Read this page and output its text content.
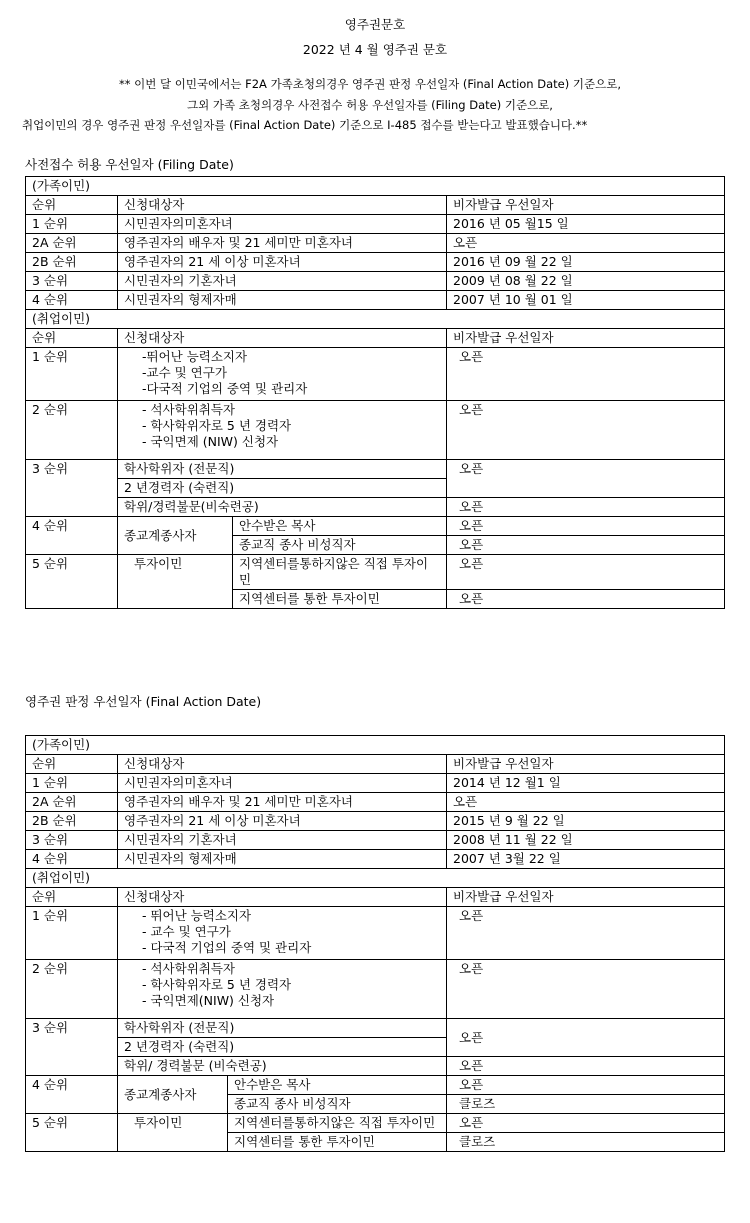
영주권문호
2022 년 4 월 영주권 문호
** 이번 달 이민국에서는 F2A 가족초청의경우 영주권 판정 우선일자 (Final Action Date) 기준으로,
그외 가족 초청의경우 사전접수 허용 우선일자를 (Filing Date) 기준으로,
취업이민의 경우 영주권 판정 우선일자를 (Final Action Date) 기준으로 I-485 접수를 받는다고 발표했습니다.**
사전접수 허용 우선일자 (Filing Date)
(가족이민)			
순위	신청대상자		비자발급 우선일자
1 순위	시민권자의미혼자녀		2016 년 05 월15 일
2A 순위	영주권자의 배우자 및 21 세미만 미혼자녀		오픈
2B 순위	영주권자의 21 세 이상 미혼자녀		2016 년 09 월 22 일
3 순위	시민권자의 기혼자녀		2009 년 08 월 22 일
4 순위	시민권자의 형제자매		2007 년 10 월 01 일
(취업이민)			
순위	신청대상자		비자발급 우선일자
1 순위	-뛰어난 능력소지자
-교수 및 연구가
-다국적 기업의 중역 및 관리자		오픈
2 순위	- 석사학위취득자
- 학사학위자로 5 년 경력자
- 국익면제 (NIW) 신청자		오픈
3 순위	학사학위자 (전문직)		오픈
	2 년경력자 (숙련직)		
	학위/경력불문(비숙련공)		오픈
4 순위	종교계종사자	안수받은 목사	오픈
		종교직 종사 비성직자	오픈
5 순위	투자이민	지역센터를통하지않은 직접 투자이민	오픈
		지역센터를 통한 투자이민	오픈
영주권 판정 우선일자 (Final Action Date)
(가족이민)			
순위	신청대상자		비자발급 우선일자
1 순위	시민권자의미혼자녀		2014 년 12 월1 일
2A 순위	영주권자의 배우자 및 21 세미만 미혼자녀		오픈
2B 순위	영주권자의 21 세 이상 미혼자녀		2015 년 9 월 22 일
3 순위	시민권자의 기혼자녀		2008 년 11 월 22 일
4 순위	시민권자의 형제자매		2007 년 3월 22 일
(취업이민)			
순위	신청대상자		비자발급 우선일자
1 순위	- 뛰어난 능력소지자
- 교수 및 연구가
- 다국적 기업의 중역 및 관리자		오픈
2 순위	- 석사학위취득자
- 학사학위자로 5 년 경력자
- 국익면제(NIW) 신청자		오픈
3 순위	학사학위자 (전문직)		오픈
	2 년경력자 (숙련직)		
	학위/ 경력불문 (비숙련공)		오픈
4 순위	종교계종사자	안수받은 목사	오픈
		종교직 종사 비성직자	클로즈
5 순위	투자이민	지역센터를통하지않은 직접 투자이민	오픈
		지역센터를 통한 투자이민	클로즈
